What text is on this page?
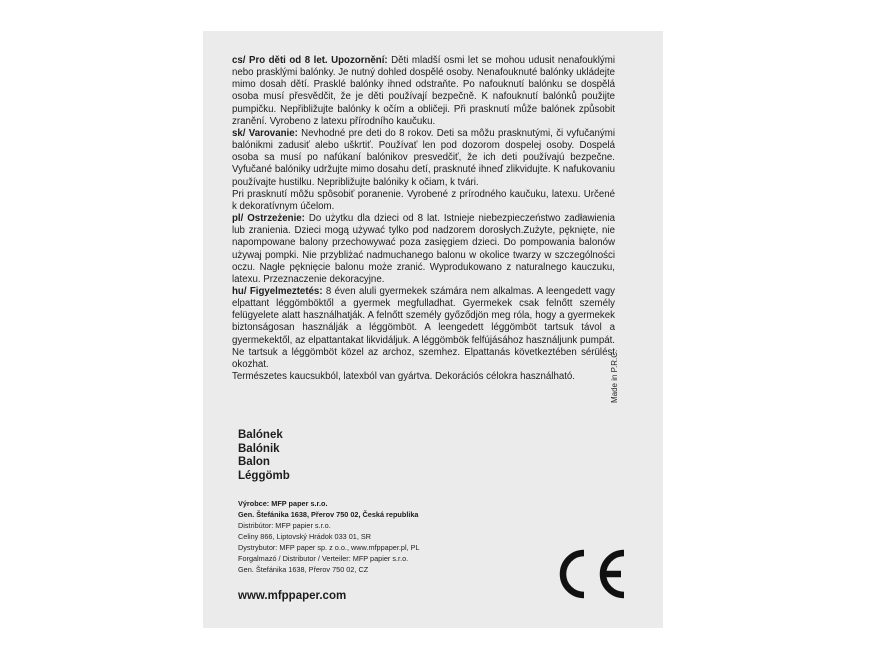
cs/ Pro děti od 8 let. Upozornění: Děti mladší osmi let se mohou udusit nenafouklými nebo prasklými balónky. Je nutný dohled dospělé osoby. Nenafouknuté balónky ukládejte mimo dosah dětí. Prasklé balónky ihned odstraňte. Po nafouknutí balónku se dospělá osoba musí přesvědčit, že je děti používají bezpečně. K nafouknutí balónků použijte pumpičku. Nepřibližujte balónky k očím a obličeji. Při prasknutí může balónek způsobit zranění. Vyrobeno z latexu přírodního kaučuku.

sk/ Varovanie: Nevhodné pre deti do 8 rokov. Deti sa môžu prasknutými, či vyfučanými balónikmi zadusiť alebo uškrtiť. Používať len pod dozorom dospelej osoby. Dospelá osoba sa musí po nafúkaní balónikov presvedčiť, že ich deti používajú bezpečne. Vyfučané balóniky udržujte mimo dosahu detí, prasknuté ihneď zlikvidujte. K nafukovaniu používajte hustilku. Nepribližujte balóniky k očiam, k tvári.

Pri prasknutí môžu spôsobiť poranenie. Vyrobené z prírodného kaučuku, latexu. Určené k dekoratívnym účelom.

pl/ Ostrzeżenie: Do użytku dla dzieci od 8 lat. Istnieje niebezpieczeństwo zadławienia lub zranienia. Dzieci mogą używać tylko pod nadzorem dorosłych.Zużyte, pęknięte, nie napompowane balony przechowywać poza zasięgiem dzieci. Do pompowania balonów używaj pompki. Nie przybliżać nadmuchanego balonu w okolice twarzy w szczególności oczu. Nagłe pęknięcie balonu może zranić. Wyprodukowano z naturalnego kauczuku, latexu. Przeznaczenie dekoracyjne.

hu/ Figyelmeztetés: 8 éven aluli gyermekek számára nem alkalmas. A leengedett vagy elpattant léggömböktől a gyermek megfulladhat. Gyermekek csak felnőtt személy felügyelete alatt használhatják. A felnőtt személy győződjön meg róla, hogy a gyermekek biztonságosan használják a léggömböt. A leengedett léggömböt tartsuk távol a gyermekektől, az elpattantakat likvidáljuk. A léggömbök felfújásához használjunk pumpát. Ne tartsuk a léggömböt közel az archoz, szemhez. Elpattanás következtében sérülést okozhat.

Természetes kaucsukból, latexból van gyártva. Dekorációs célokra használható.	Made in P.R.C.
Balónek
Balónik
Balon
Léggömb
Výrobce: MFP paper s.r.o.
Gen. Štefánika 1638, Přerov 750 02, Česká republika
Distribútor: MFP papier s.r.o.
Celiny 866, Liptovský Hrádok 033 01, SR
Dystrybutor: MFP paper sp. z o.o., www.mfppaper.pl, PL
Forgalmazó / Distributor / Verteiler: MFP papier s.r.o.
Gen. Štefánika 1638, Přerov 750 02, CZ
www.mfppaper.com
